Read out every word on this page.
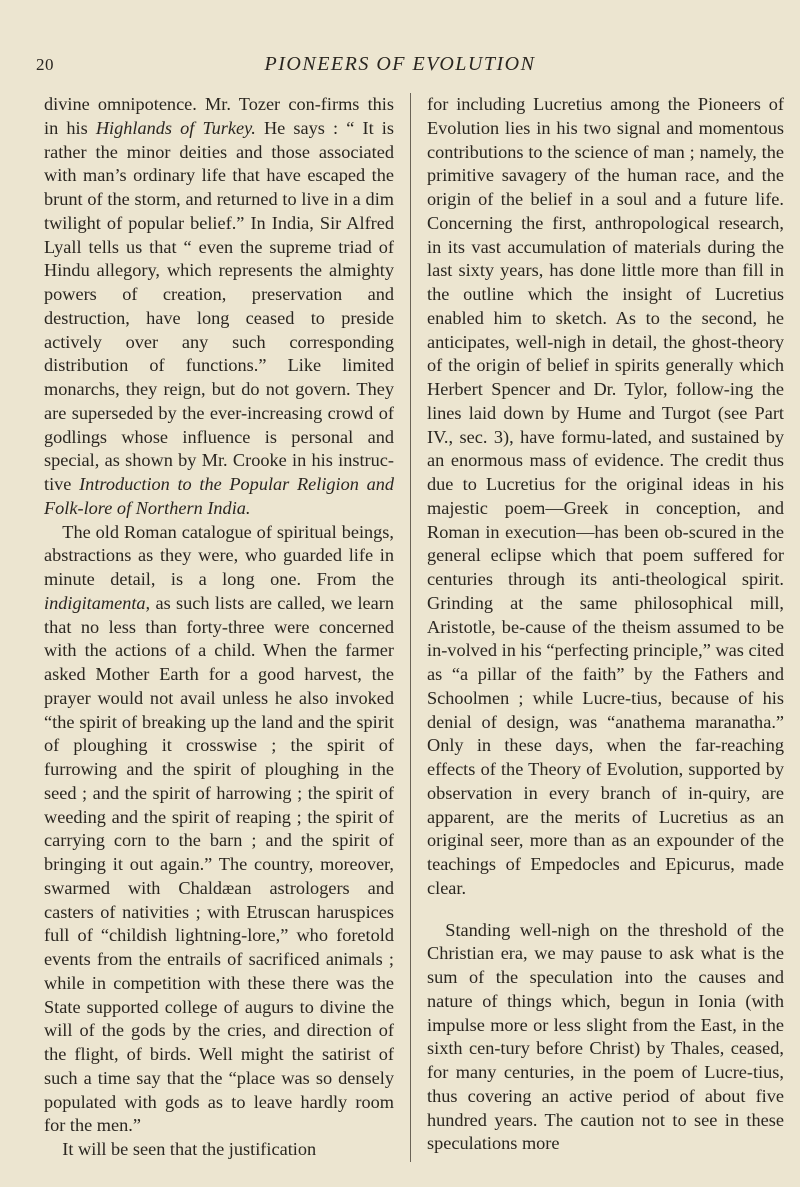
20	PIONEERS OF EVOLUTION

divine omnipotence. Mr. Tozer con-firms this in his Highlands of Turkey. He says : “ It is rather the minor deities and those associated with man’s ordinary life that have escaped the brunt of the storm, and returned to live in a dim twilight of popular belief.” In India, Sir Alfred Lyall tells us that “ even the supreme triad of Hindu allegory, which represents the almighty powers of creation, preservation and destruction, have long ceased to preside actively over any such corresponding distribution of functions.” Like limited monarchs, they reign, but do not govern. They are superseded by the ever-increasing crowd of godlings whose influence is personal and special, as shown by Mr. Crooke in his instruc-tive Introduction to the Popular Religion and Folk-lore of Northern India.

The old Roman catalogue of spiritual beings, abstractions as they were, who guarded life in minute detail, is a long one. From the indigitamenta, as such lists are called, we learn that no less than forty-three were concerned with the actions of a child. When the farmer asked Mother Earth for a good harvest, the prayer would not avail unless he also invoked “the spirit of breaking up the land and the spirit of ploughing it crosswise ; the spirit of furrowing and the spirit of ploughing in the seed ; and the spirit of harrowing ; the spirit of weeding and the spirit of reaping ; the spirit of carrying corn to the barn ; and the spirit of bringing it out again.” The country, moreover, swarmed with Chaldæan astrologers and casters of nativities ; with Etruscan haruspices full of “childish lightning-lore,” who foretold events from the entrails of sacrificed animals ; while in competition with these there was the State supported college of augurs to divine the will of the gods by the cries, and direction of the flight, of birds. Well might the satirist of such a time say that the “place was so densely populated with gods as to leave hardly room for the men.”

It will be seen that the justification

for including Lucretius among the Pioneers of Evolution lies in his two signal and momentous contributions to the science of man ; namely, the primitive savagery of the human race, and the origin of the belief in a soul and a future life. Concerning the first, anthropological research, in its vast accumulation of materials during the last sixty years, has done little more than fill in the outline which the insight of Lucretius enabled him to sketch. As to the second, he anticipates, well-nigh in detail, the ghost-theory of the origin of belief in spirits generally which Herbert Spencer and Dr. Tylor, follow-ing the lines laid down by Hume and Turgot (see Part IV., sec. 3), have formu-lated, and sustained by an enormous mass of evidence. The credit thus due to Lucretius for the original ideas in his majestic poem—Greek in conception, and Roman in execution—has been ob-scured in the general eclipse which that poem suffered for centuries through its anti-theological spirit. Grinding at the same philosophical mill, Aristotle, be-cause of the theism assumed to be in-volved in his “perfecting principle,” was cited as “a pillar of the faith” by the Fathers and Schoolmen ; while Lucre-tius, because of his denial of design, was “anathema maranatha.” Only in these days, when the far-reaching effects of the Theory of Evolution, supported by observation in every branch of in-quiry, are apparent, are the merits of Lucretius as an original seer, more than as an expounder of the teachings of Empedocles and Epicurus, made clear.

Standing well-nigh on the threshold of the Christian era, we may pause to ask what is the sum of the speculation into the causes and nature of things which, begun in Ionia (with impulse more or less slight from the East, in the sixth cen-tury before Christ) by Thales, ceased, for many centuries, in the poem of Lucre-tius, thus covering an active period of about five hundred years. The caution not to see in these speculations more
